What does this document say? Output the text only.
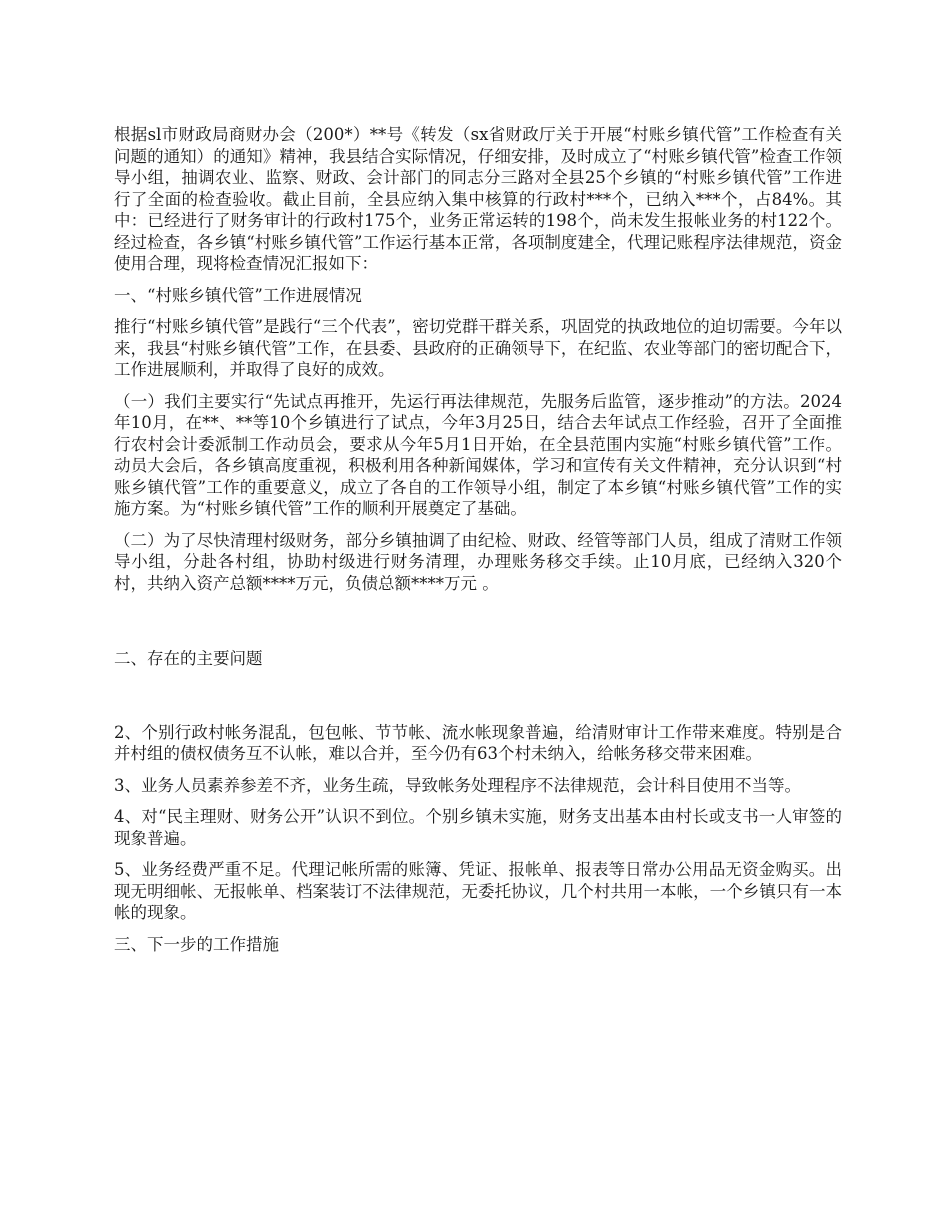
根据sl市财政局商财办会（200*）**号《转发（sx省财政厅关于开展“村账乡镇代管”工作检查有关问题的通知）的通知》精神，我县结合实际情况，仔细安排，及时成立了“村账乡镇代管”检查工作领导小组，抽调农业、监察、财政、会计部门的同志分三路对全县25个乡镇的“村账乡镇代管”工作进行了全面的检查验收。截止目前，全县应纳入集中核算的行政村***个，已纳入***个，占84%。其中：已经进行了财务审计的行政村175个，业务正常运转的198个，尚未发生报帐业务的村122个。经过检查，各乡镇“村账乡镇代管”工作运行基本正常，各项制度建全，代理记账程序法律规范，资金使用合理，现将检查情况汇报如下：

一、“村账乡镇代管”工作进展情况

推行“村账乡镇代管”是践行“三个代表”，密切党群干群关系，巩固党的执政地位的迫切需要。今年以来，我县“村账乡镇代管”工作，在县委、县政府的正确领导下，在纪监、农业等部门的密切配合下，工作进展顺利，并取得了良好的成效。

（一）我们主要实行“先试点再推开，先运行再法律规范，先服务后监管，逐步推动”的方法。2024年10月，在**、**等10个乡镇进行了试点，今年3月25日，结合去年试点工作经验，召开了全面推行农村会计委派制工作动员会，要求从今年5月1日开始，在全县范围内实施“村账乡镇代管”工作。动员大会后，各乡镇高度重视，积极利用各种新闻媒体，学习和宣传有关文件精神，充分认识到“村账乡镇代管”工作的重要意义，成立了各自的工作领导小组，制定了本乡镇“村账乡镇代管”工作的实施方案。为“村账乡镇代管”工作的顺利开展奠定了基础。

（二）为了尽快清理村级财务，部分乡镇抽调了由纪检、财政、经管等部门人员，组成了清财工作领导小组，分赴各村组，协助村级进行财务清理，办理账务移交手续。止10月底，已经纳入320个村，共纳入资产总额****万元，负债总额****万元 。

二、存在的主要问题

2、个别行政村帐务混乱，包包帐、节节帐、流水帐现象普遍，给清财审计工作带来难度。特别是合并村组的债权债务互不认帐，难以合并，至今仍有63个村未纳入，给帐务移交带来困难。

3、业务人员素养参差不齐，业务生疏，导致帐务处理程序不法律规范，会计科目使用不当等。

4、对“民主理财、财务公开”认识不到位。个别乡镇未实施，财务支出基本由村长或支书一人审签的现象普遍。

5、业务经费严重不足。代理记帐所需的账簿、凭证、报帐单、报表等日常办公用品无资金购买。出现无明细帐、无报帐单、档案装订不法律规范，无委托协议，几个村共用一本帐，一个乡镇只有一本帐的现象。

三、下一步的工作措施
